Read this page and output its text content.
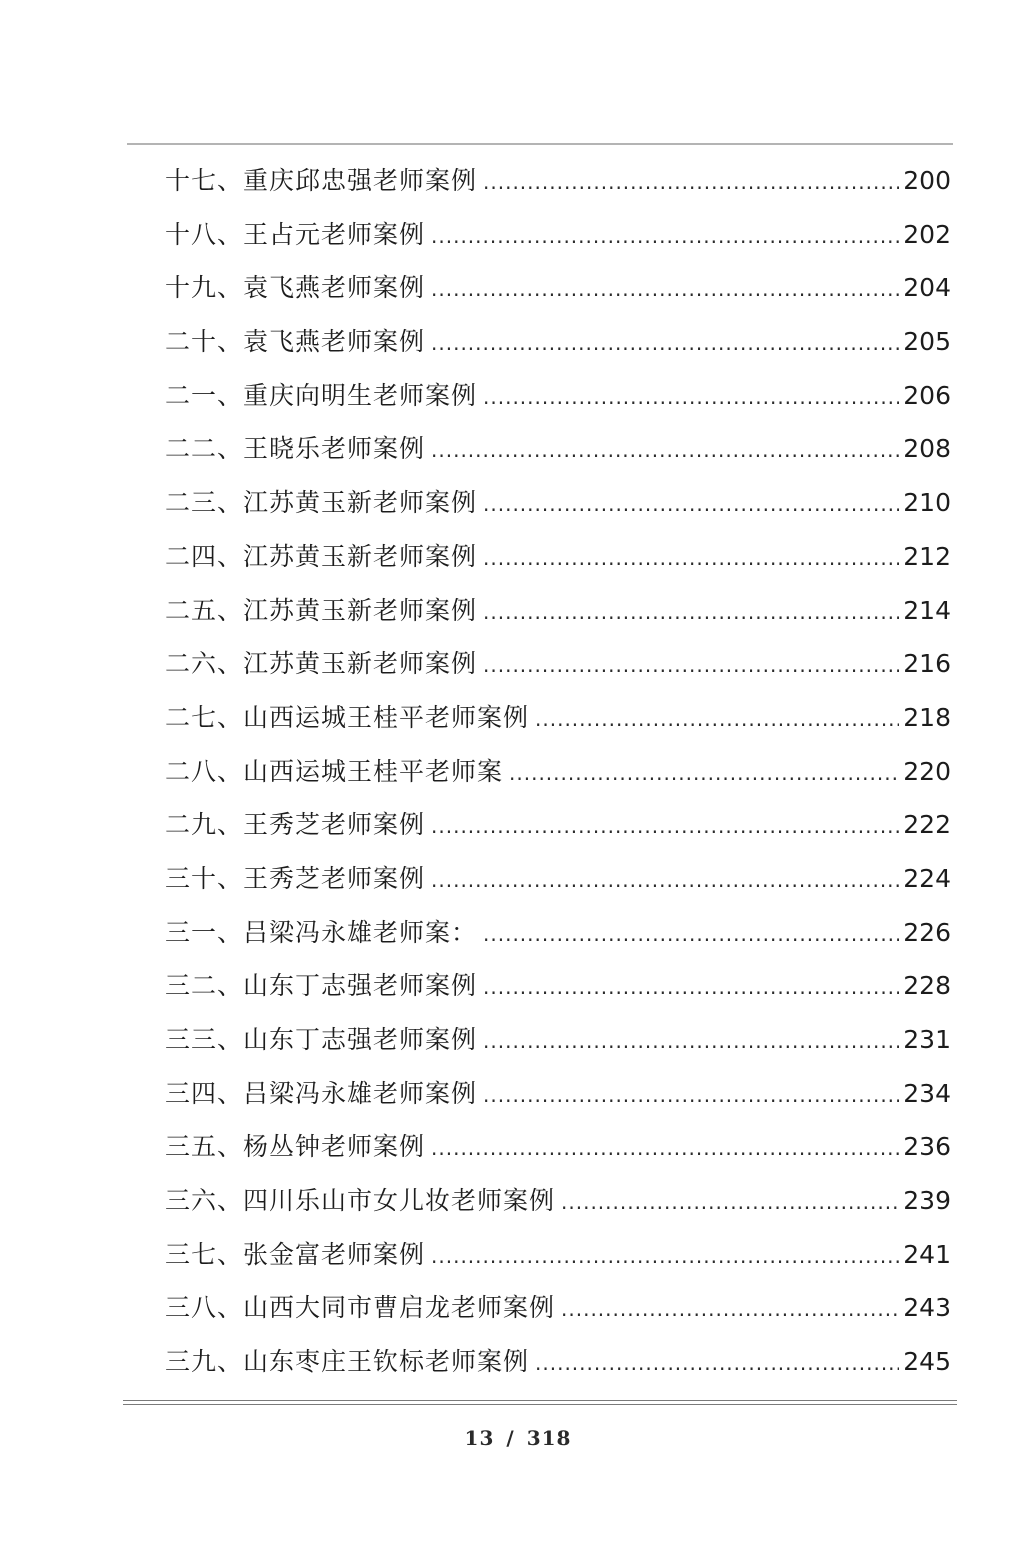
十七、重庆邱忠强老师案例 .....	200
十八、王占元老师案例 .....	202
十九、袁飞燕老师案例 .....	204
二十、袁飞燕老师案例 .....	205
二一、重庆向明生老师案例 .....	206
二二、王晓乐老师案例 .....	208
二三、江苏黄玉新老师案例 .....	210
二四、江苏黄玉新老师案例 .....	212
二五、江苏黄玉新老师案例 .....	214
二六、江苏黄玉新老师案例 .....	216
二七、山西运城王桂平老师案例 .....	218
二八、山西运城王桂平老师案 .....	220
二九、王秀芝老师案例 .....	222
三十、王秀芝老师案例 .....	224
三一、吕梁冯永雄老师案： .....	226
三二、山东丁志强老师案例 .....	228
三三、山东丁志强老师案例 .....	231
三四、吕梁冯永雄老师案例 .....	234
三五、杨丛钟老师案例 .....	236
三六、四川乐山市女儿妆老师案例 .....	239
三七、张金富老师案例 .....	241
三八、山西大同市曹启龙老师案例 .....	243
三九、山东枣庄王钦标老师案例 .....	245
13 / 318
